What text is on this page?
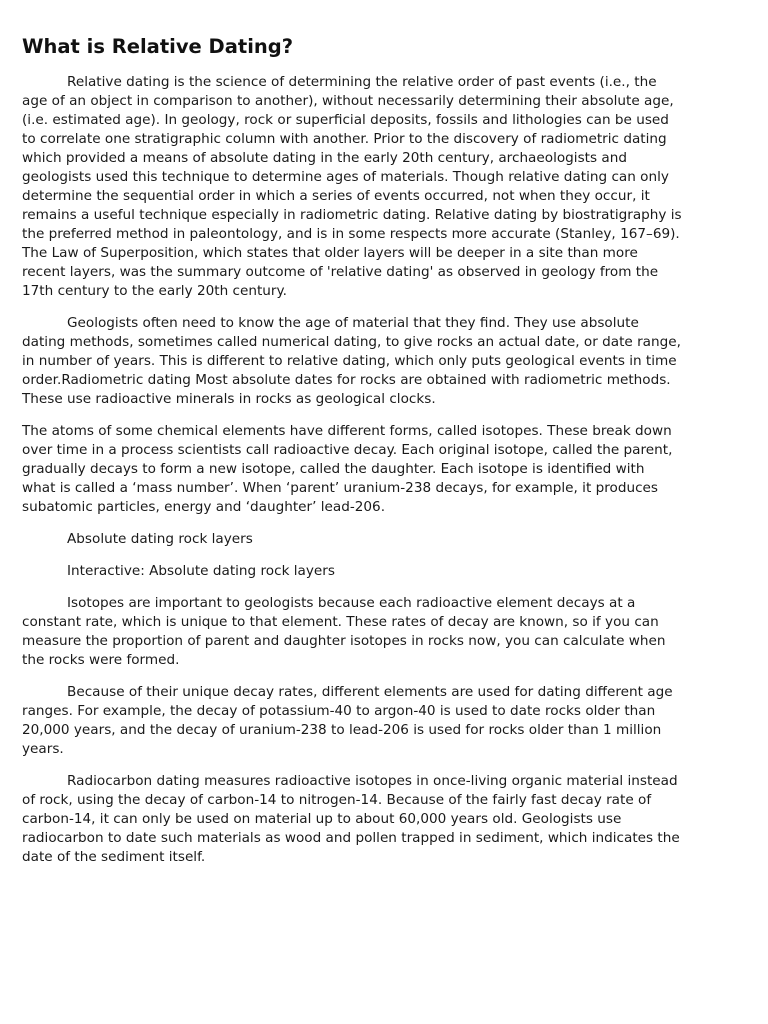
What is Relative Dating?

Relative dating is the science of determining the relative order of past events (i.e., the age of an object in comparison to another), without necessarily determining their absolute age, (i.e. estimated age). In geology, rock or superficial deposits, fossils and lithologies can be used to correlate one stratigraphic column with another. Prior to the discovery of radiometric dating which provided a means of absolute dating in the early 20th century, archaeologists and geologists used this technique to determine ages of materials. Though relative dating can only determine the sequential order in which a series of events occurred, not when they occur, it remains a useful technique especially in radiometric dating. Relative dating by biostratigraphy is the preferred method in paleontology, and is in some respects more accurate (Stanley, 167–69). The Law of Superposition, which states that older layers will be deeper in a site than more recent layers, was the summary outcome of 'relative dating' as observed in geology from the 17th century to the early 20th century.

Geologists often need to know the age of material that they find. They use absolute dating methods, sometimes called numerical dating, to give rocks an actual date, or date range, in number of years. This is different to relative dating, which only puts geological events in time order.Radiometric dating Most absolute dates for rocks are obtained with radiometric methods. These use radioactive minerals in rocks as geological clocks.

The atoms of some chemical elements have different forms, called isotopes. These break down over time in a process scientists call radioactive decay. Each original isotope, called the parent, gradually decays to form a new isotope, called the daughter. Each isotope is identified with what is called a ‘mass number’. When ‘parent’ uranium-238 decays, for example, it produces subatomic particles, energy and ‘daughter’ lead-206.

Absolute dating rock layers

Interactive: Absolute dating rock layers

Isotopes are important to geologists because each radioactive element decays at a constant rate, which is unique to that element. These rates of decay are known, so if you can measure the proportion of parent and daughter isotopes in rocks now, you can calculate when the rocks were formed.

Because of their unique decay rates, different elements are used for dating different age ranges. For example, the decay of potassium-40 to argon-40 is used to date rocks older than 20,000 years, and the decay of uranium-238 to lead-206 is used for rocks older than 1 million years.

Radiocarbon dating measures radioactive isotopes in once-living organic material instead of rock, using the decay of carbon-14 to nitrogen-14. Because of the fairly fast decay rate of carbon-14, it can only be used on material up to about 60,000 years old. Geologists use radiocarbon to date such materials as wood and pollen trapped in sediment, which indicates the date of the sediment itself.
